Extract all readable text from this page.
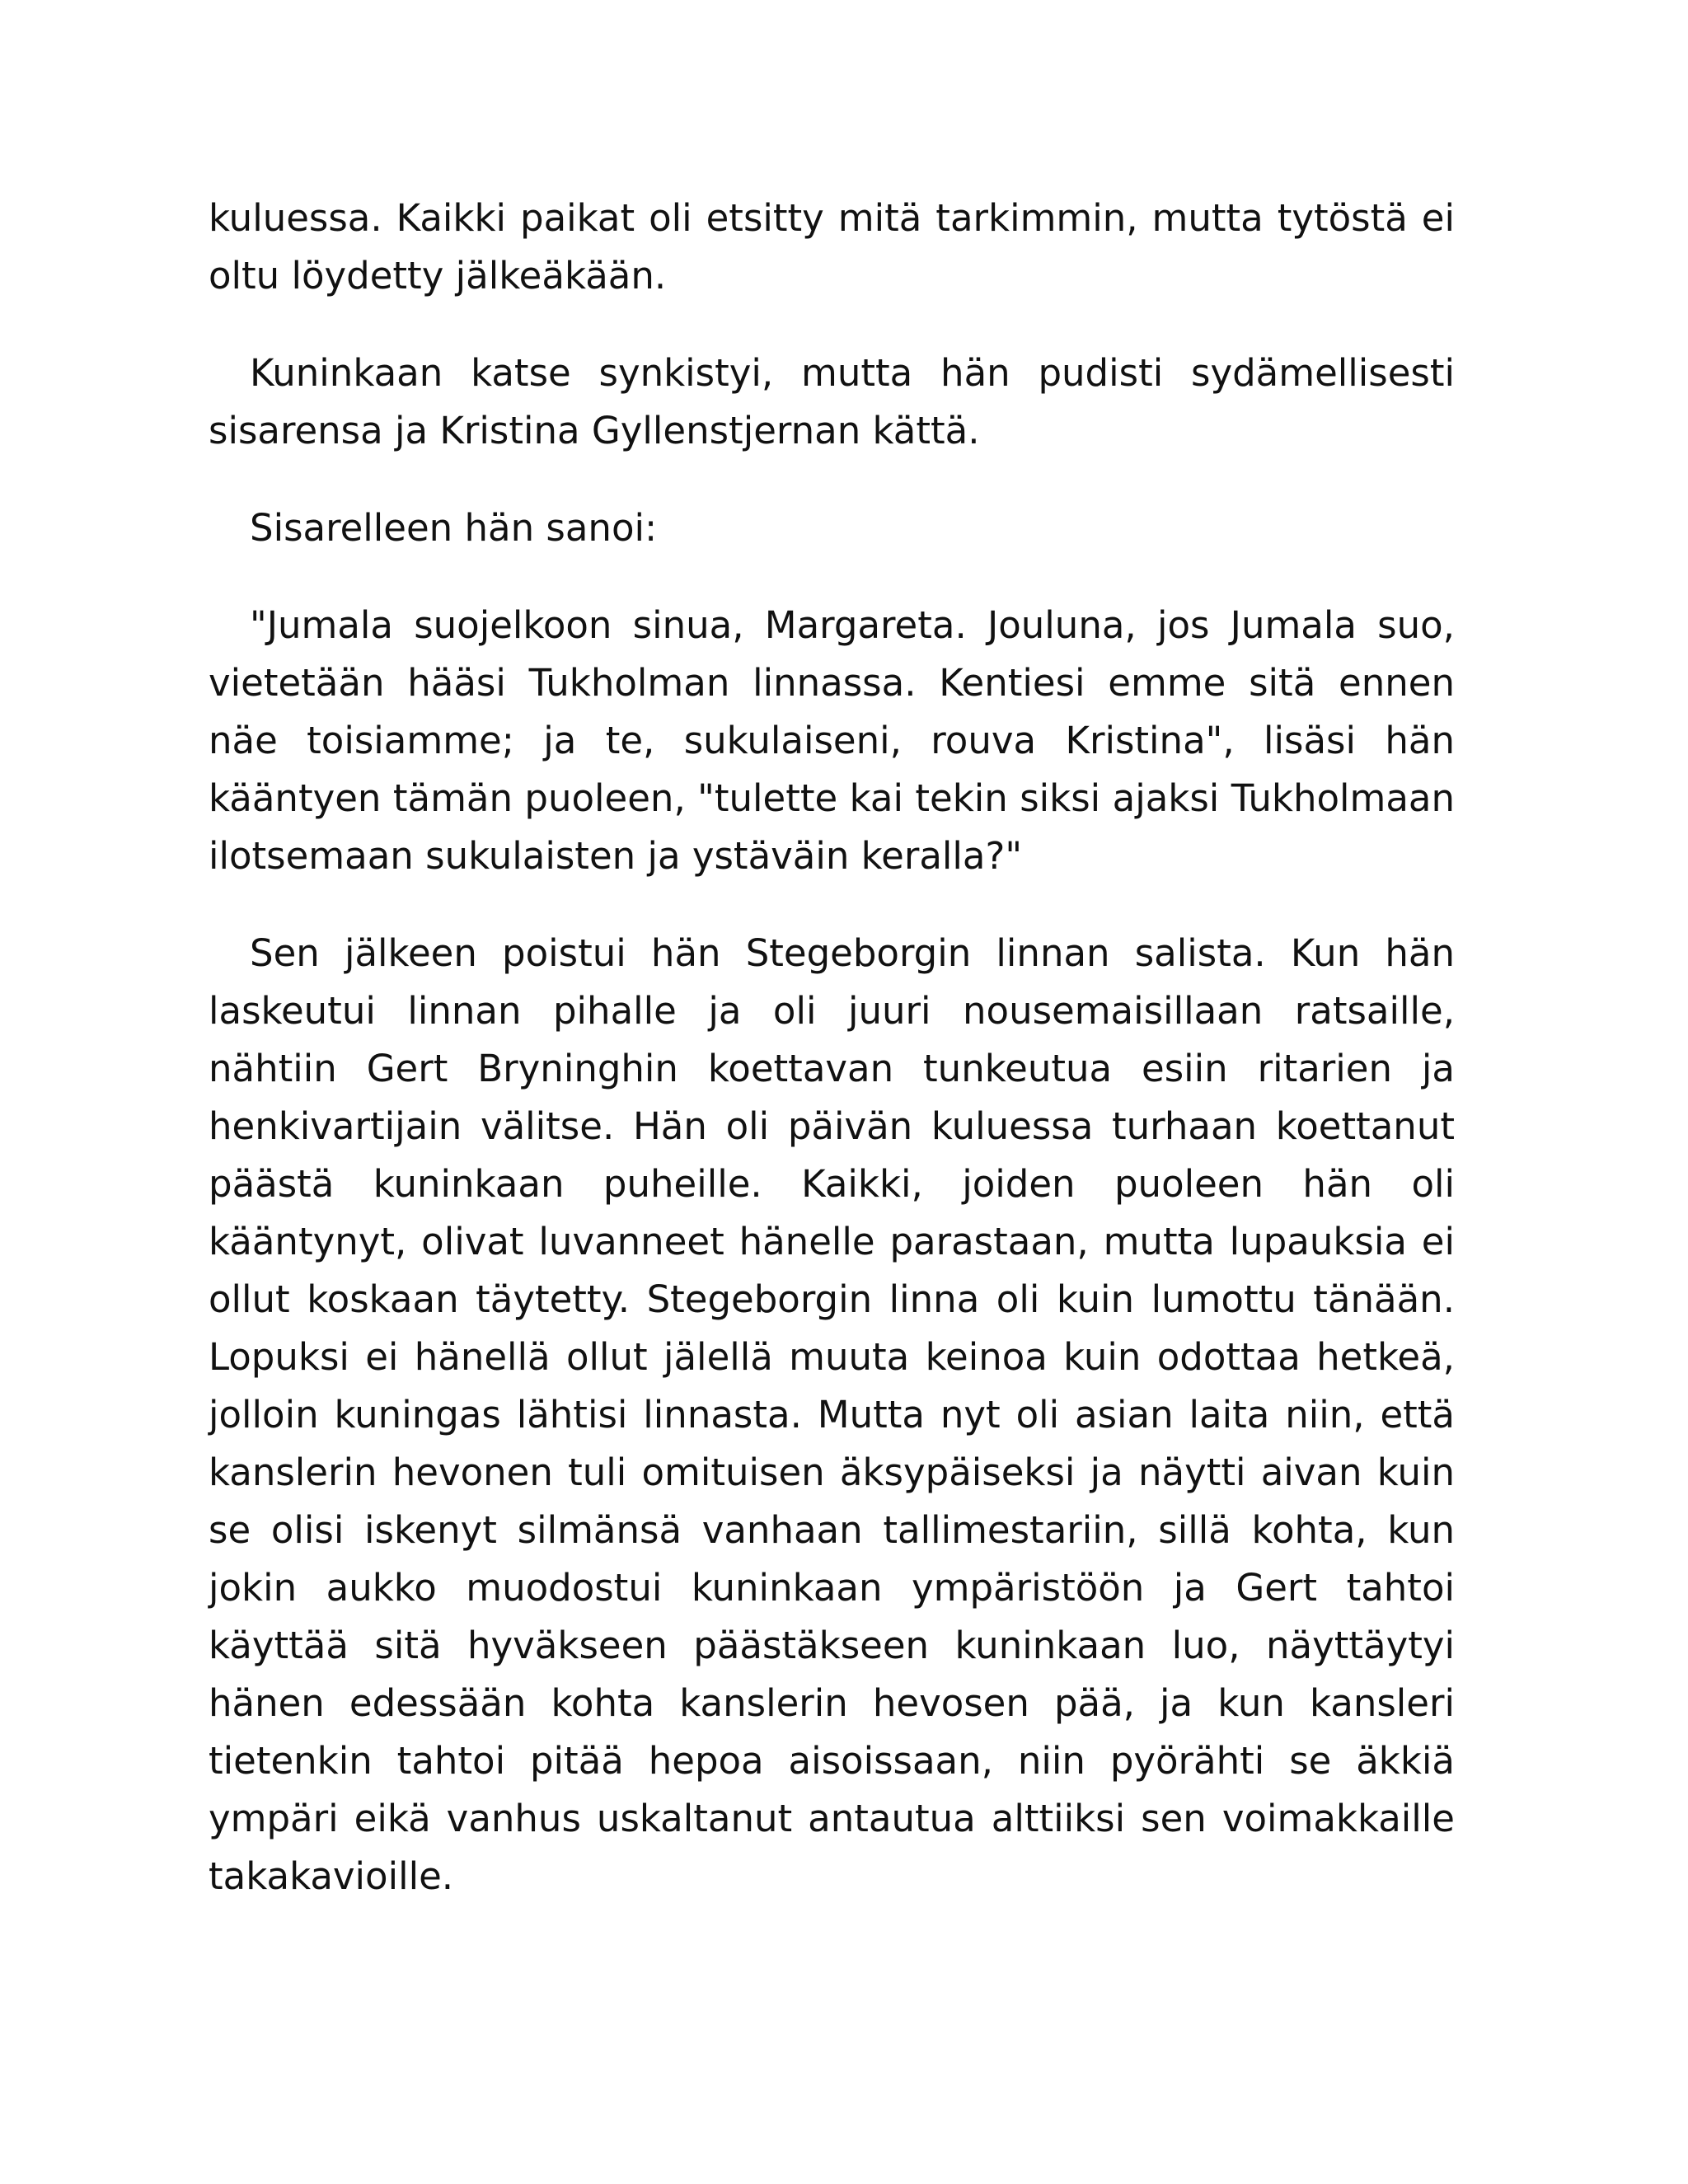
kuluessa. Kaikki paikat oli etsitty mitä tarkimmin, mutta tytöstä ei oltu löydetty jälkeäkään.

Kuninkaan katse synkistyi, mutta hän pudisti sydämellisesti sisarensa ja Kristina Gyllenstjernan kättä.

Sisarelleen hän sanoi:

"Jumala suojelkoon sinua, Margareta. Jouluna, jos Jumala suo, vietetään hääsi Tukholman linnassa. Kentiesi emme sitä ennen näe toisiamme; ja te, sukulaiseni, rouva Kristina", lisäsi hän kääntyen tämän puoleen, "tulette kai tekin siksi ajaksi Tukholmaan ilotsemaan sukulaisten ja ystäväin keralla?"

Sen jälkeen poistui hän Stegeborgin linnan salista. Kun hän laskeutui linnan pihalle ja oli juuri nousemaisillaan ratsaille, nähtiin Gert Bryninghin koettavan tunkeutua esiin ritarien ja henkivartijain välitse. Hän oli päivän kuluessa turhaan koettanut päästä kuninkaan puheille. Kaikki, joiden puoleen hän oli kääntynyt, olivat luvanneet hänelle parastaan, mutta lupauksia ei ollut koskaan täytetty. Stegeborgin linna oli kuin lumottu tänään. Lopuksi ei hänellä ollut jälellä muuta keinoa kuin odottaa hetkeä, jolloin kuningas lähtisi linnasta. Mutta nyt oli asian laita niin, että kanslerin hevonen tuli omituisen äksypäiseksi ja näytti aivan kuin se olisi iskenyt silmänsä vanhaan tallimestariin, sillä kohta, kun jokin aukko muodostui kuninkaan ympäristöön ja Gert tahtoi käyttää sitä hyväkseen päästäkseen kuninkaan luo, näyttäytyi hänen edessään kohta kanslerin hevosen pää, ja kun kansleri tietenkin tahtoi pitää hepoa aisoissaan, niin pyörähti se äkkiä ympäri eikä vanhus uskaltanut antautua alttiiksi sen voimakkaille takakavioille.
